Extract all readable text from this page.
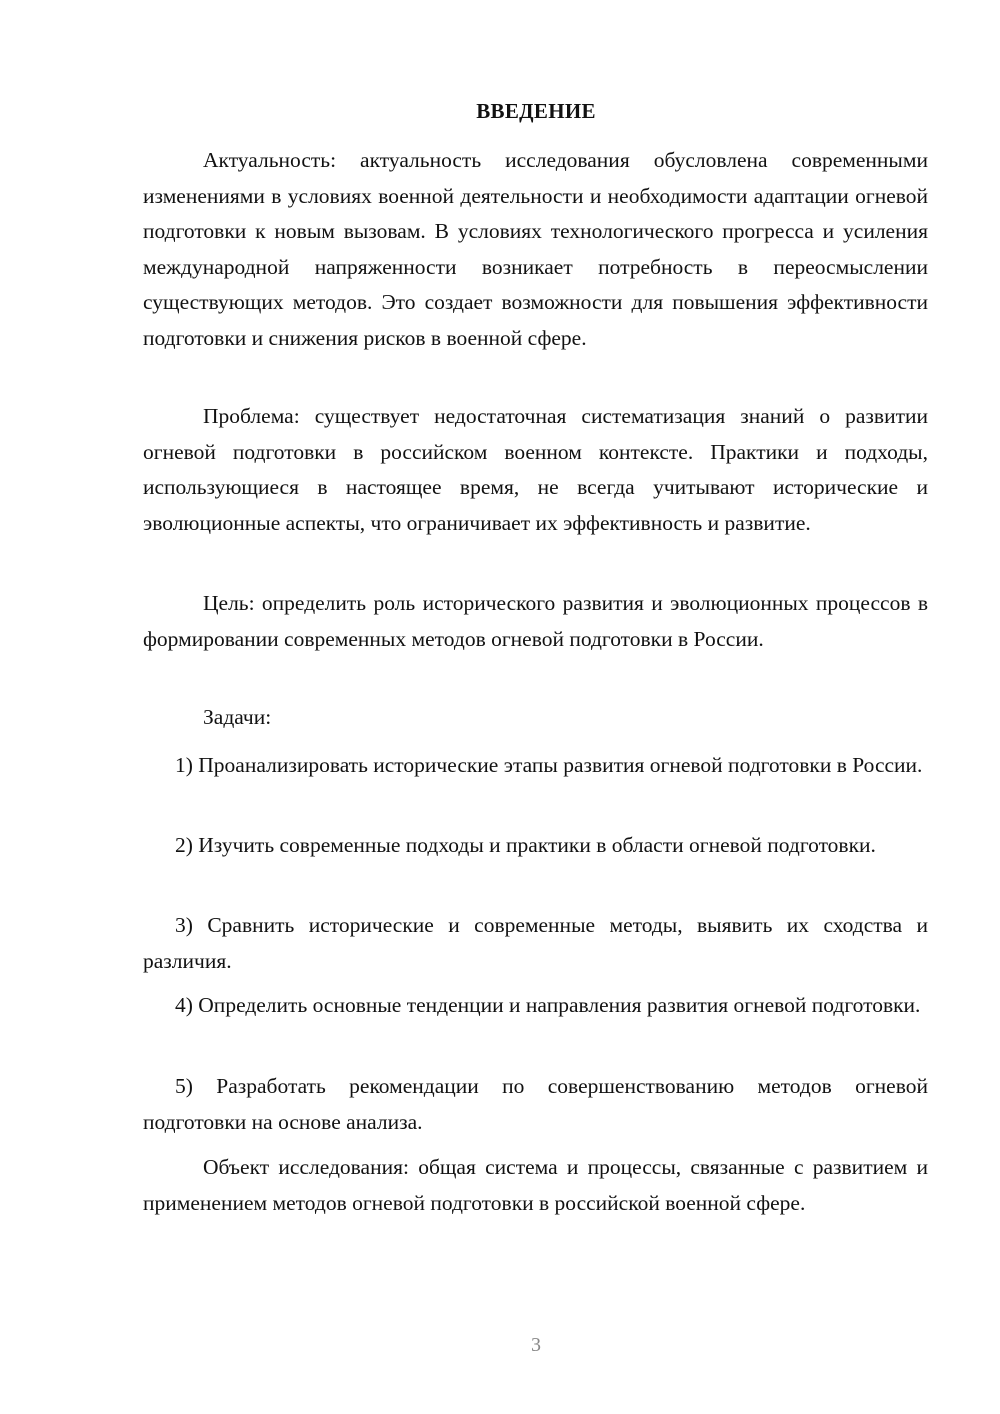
ВВЕДЕНИЕ
Актуальность: актуальность исследования обусловлена современными изменениями в условиях военной деятельности и необходимости адаптации огневой подготовки к новым вызовам. В условиях технологического прогресса и усиления международной напряженности возникает потребность в переосмыслении существующих методов. Это создает возможности для повышения эффективности подготовки и снижения рисков в военной сфере.
Проблема: существует недостаточная систематизация знаний о развитии огневой подготовки в российском военном контексте. Практики и подходы, использующиеся в настоящее время, не всегда учитывают исторические и эволюционные аспекты, что ограничивает их эффективность и развитие.
Цель: определить роль исторического развития и эволюционных процессов в формировании современных методов огневой подготовки в России.
Задачи:
1) Проанализировать исторические этапы развития огневой подготовки в России.
2) Изучить современные подходы и практики в области огневой подготовки.
3) Сравнить исторические и современные методы, выявить их сходства и различия.
4) Определить основные тенденции и направления развития огневой подготовки.
5) Разработать рекомендации по совершенствованию методов огневой подготовки на основе анализа.
Объект исследования: общая система и процессы, связанные с развитием и применением методов огневой подготовки в российской военной сфере.
3
